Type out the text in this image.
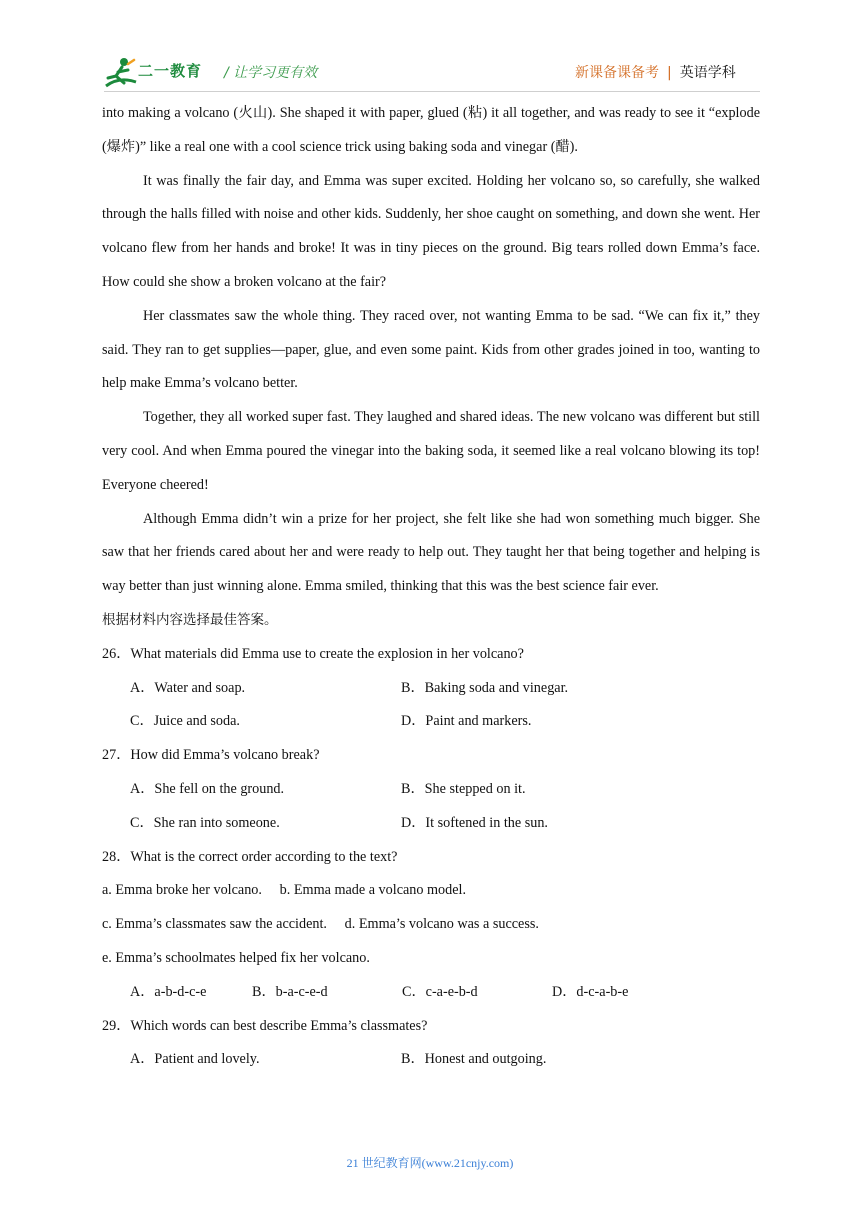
二一教育 / 让学习更有效	新课备课备考 | 英语学科

into making a volcano (火山). She shaped it with paper, glued (粘) it all together, and was ready to see it “explode (爆炸)” like a real one with a cool science trick using baking soda and vinegar (醋).

It was finally the fair day, and Emma was super excited. Holding her volcano so, so carefully, she walked through the halls filled with noise and other kids. Suddenly, her shoe caught on something, and down she went. Her volcano flew from her hands and broke! It was in tiny pieces on the ground. Big tears rolled down Emma’s face. How could she show a broken volcano at the fair?

Her classmates saw the whole thing. They raced over, not wanting Emma to be sad. “We can fix it,” they said. They ran to get supplies—paper, glue, and even some paint. Kids from other grades joined in too, wanting to help make Emma’s volcano better.

Together, they all worked super fast. They laughed and shared ideas. The new volcano was different but still very cool. And when Emma poured the vinegar into the baking soda, it seemed like a real volcano blowing its top! Everyone cheered!

Although Emma didn’t win a prize for her project, she felt like she had won something much bigger. She saw that her friends cared about her and were ready to help out. They taught her that being together and helping is way better than just winning alone. Emma smiled, thinking that this was the best science fair ever.

根据材料内容选择最佳答案。

26．What materials did Emma use to create the explosion in her volcano?

A．Water and soap.	B．Baking soda and vinegar.
C．Juice and soda.	D．Paint and markers.

27．How did Emma’s volcano break?

A．She fell on the ground.	B．She stepped on it.
C．She ran into someone.	D．It softened in the sun.

28．What is the correct order according to the text?

a. Emma broke her volcano.     b. Emma made a volcano model.

c. Emma’s classmates saw the accident.     d. Emma’s volcano was a success.

e. Emma’s schoolmates helped fix her volcano.

A．a-b-d-c-e	B．b-a-c-e-d	C．c-a-e-b-d	D．d-c-a-b-e

29．Which words can best describe Emma’s classmates?

A．Patient and lovely.	B．Honest and outgoing.
21 世纪教育网(www.21cnjy.com)
